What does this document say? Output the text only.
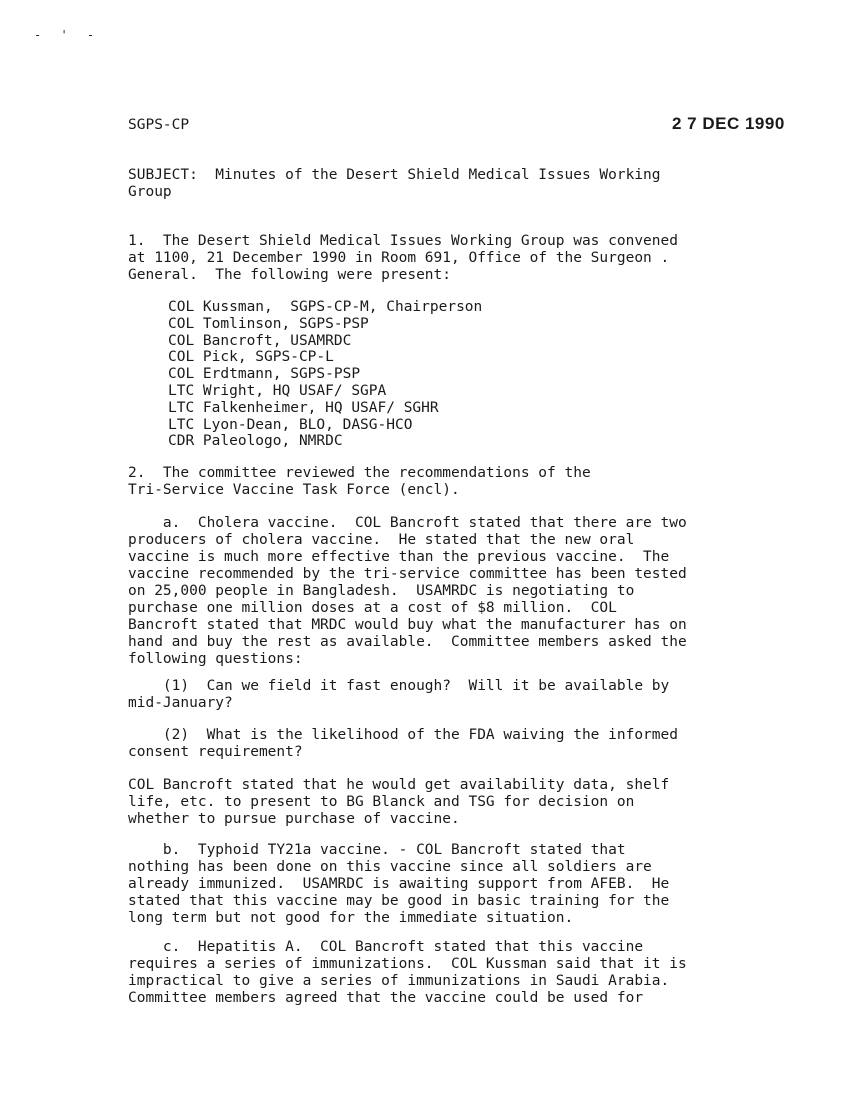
- ' -
SGPS-CP	2 7 DEC 1990
SUBJECT:  Minutes of the Desert Shield Medical Issues Working
Group
1.  The Desert Shield Medical Issues Working Group was convened
at 1100, 21 December 1990 in Room 691, Office of the Surgeon .
General.  The following were present:
COL Kussman,  SGPS-CP-M, Chairperson
COL Tomlinson, SGPS-PSP
COL Bancroft, USAMRDC
COL Pick, SGPS-CP-L
COL Erdtmann, SGPS-PSP
LTC Wright, HQ USAF/ SGPA
LTC Falkenheimer, HQ USAF/ SGHR
LTC Lyon-Dean, BLO, DASG-HCO
CDR Paleologo, NMRDC
2.  The committee reviewed the recommendations of the
Tri-Service Vaccine Task Force (encl).
a.  Cholera vaccine.  COL Bancroft stated that there are two
producers of cholera vaccine.  He stated that the new oral
vaccine is much more effective than the previous vaccine.  The
vaccine recommended by the tri-service committee has been tested
on 25,000 people in Bangladesh.  USAMRDC is negotiating to
purchase one million doses at a cost of $8 million.  COL
Bancroft stated that MRDC would buy what the manufacturer has on
hand and buy the rest as available.  Committee members asked the
following questions:
(1)  Can we field it fast enough?  Will it be available by
mid-January?
(2)  What is the likelihood of the FDA waiving the informed
consent requirement?
COL Bancroft stated that he would get availability data, shelf
life, etc. to present to BG Blanck and TSG for decision on
whether to pursue purchase of vaccine.
b.  Typhoid TY21a vaccine. - COL Bancroft stated that
nothing has been done on this vaccine since all soldiers are
already immunized.  USAMRDC is awaiting support from AFEB.  He
stated that this vaccine may be good in basic training for the
long term but not good for the immediate situation.
c.  Hepatitis A.  COL Bancroft stated that this vaccine
requires a series of immunizations.  COL Kussman said that it is
impractical to give a series of immunizations in Saudi Arabia.
Committee members agreed that the vaccine could be used for
